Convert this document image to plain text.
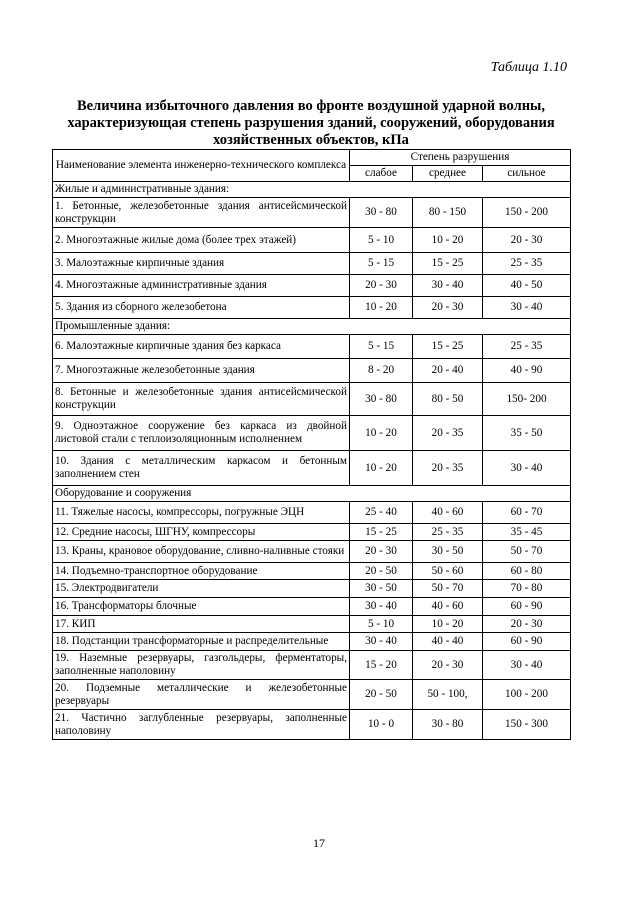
Таблица 1.10
Величина избыточного давления во фронте воздушной ударной волны, характеризующая степень разрушения зданий, сооружений, оборудования хозяйственных объектов, кПа
Наименование элемента инженерно-технического комплекса	Степень разрушения		
	слабое	среднее	сильное
Жилые и административные здания:			
1. Бетонные, железобетонные здания антисейсмической конструкции	30 - 80	80 - 150	150 - 200
2. Многоэтажные жилые дома (более трех этажей)	5 - 10	10 - 20	20 - 30
3. Малоэтажные кирпичные здания	5 - 15	15 - 25	25 - 35
4. Многоэтажные административные здания	20 - 30	30 - 40	40 - 50
5. Здания из сборного железобетона	10 - 20	20 - 30	30 - 40
Промышленные здания:			
6. Малоэтажные кирпичные здания без каркаса	5 - 15	15 - 25	25 - 35
7. Многоэтажные железобетонные здания	8 - 20	20 - 40	40 - 90
8. Бетонные и железобетонные здания антисейсмической конструкции	30 - 80	80 - 50	150- 200
9. Одноэтажное сооружение без каркаса из двойной листовой стали с теплоизоляционным исполнением	10 - 20	20 - 35	35 - 50
10. Здания с металлическим каркасом и бетонным заполнением стен	10 - 20	20 - 35	30 - 40
Оборудование и сооружения			
11. Тяжелые насосы, компрессоры, погружные ЭЦН	25 - 40	40 - 60	60 - 70
12. Средние насосы, ШГНУ, компрессоры	15 - 25	25 - 35	35 - 45
13. Краны, крановое оборудование, сливно-наливные стояки	20 - 30	30 - 50	50 - 70
14. Подъемно-транспортное оборудование	20 - 50	50 - 60	60 - 80
15. Электродвигатели	30 - 50	50 - 70	70 - 80
16. Трансформаторы блочные	30 - 40	40 - 60	60 - 90
17. КИП	5 - 10	10 - 20	20 - 30
18. Подстанции трансформаторные и распределительные	30 - 40	40 - 40	60 - 90
19. Наземные резервуары, газгольдеры, ферментаторы, заполненные наполовину	15 - 20	20 - 30	30 - 40
20. Подземные металлические и железобетонные резервуары	20 - 50	50 - 100,	100 - 200
21. Частично заглубленные резервуары, заполненные наполовину	10 - 0	30 - 80	150 - 300
17
